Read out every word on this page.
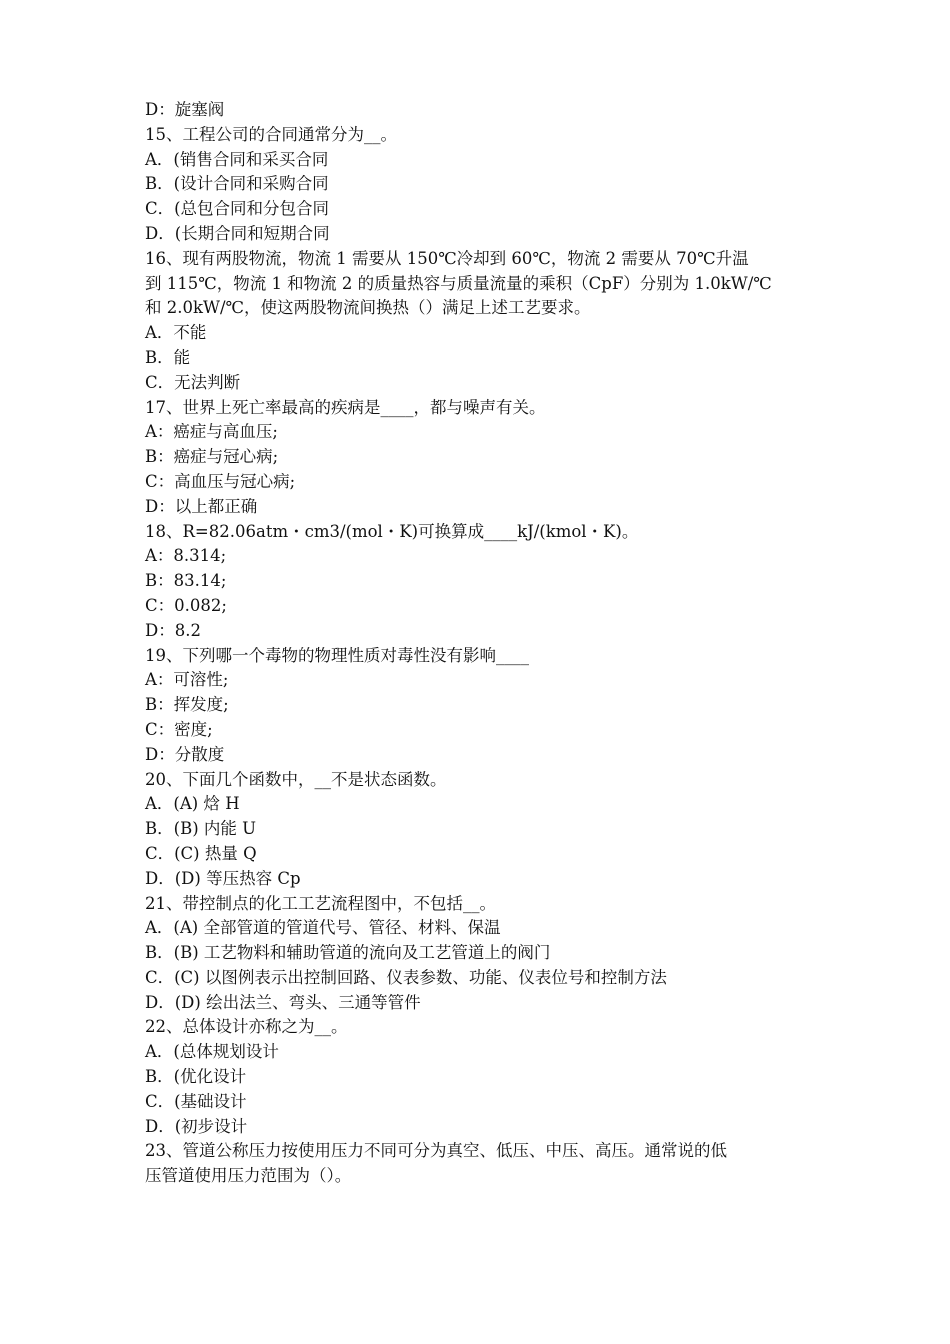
D：旋塞阀
15、工程公司的合同通常分为__。
A．(销售合同和采买合同
B．(设计合同和采购合同
C．(总包合同和分包合同
D．(长期合同和短期合同
16、现有两股物流，物流 1 需要从 150℃冷却到 60℃，物流 2 需要从 70℃升温
到 115℃，物流 1 和物流 2 的质量热容与质量流量的乘积（CpF）分别为 1.0kW/℃
和 2.0kW/℃，使这两股物流间换热（）满足上述工艺要求。
A．不能
B．能
C．无法判断
17、世界上死亡率最高的疾病是____，都与噪声有关。
A：癌症与高血压;
B：癌症与冠心病;
C：高血压与冠心病;
D：以上都正确
18、R=82.06atm・cm3/(mol・K)可换算成____kJ/(kmol・K)。
A：8.314;
B：83.14;
C：0.082;
D：8.2
19、下列哪一个毒物的物理性质对毒性没有影响____
A：可溶性;
B：挥发度;
C：密度;
D：分散度
20、下面几个函数中，__不是状态函数。
A．(A) 焓 H
B．(B) 内能 U
C．(C) 热量 Q
D．(D) 等压热容 Cp
21、带控制点的化工工艺流程图中，不包括__。
A．(A) 全部管道的管道代号、管径、材料、保温
B．(B) 工艺物料和辅助管道的流向及工艺管道上的阀门
C．(C) 以图例表示出控制回路、仪表参数、功能、仪表位号和控制方法
D．(D) 绘出法兰、弯头、三通等管件
22、总体设计亦称之为__。
A．(总体规划设计
B．(优化设计
C．(基础设计
D．(初步设计
23、管道公称压力按使用压力不同可分为真空、低压、中压、高压。通常说的低
压管道使用压力范围为（）。
